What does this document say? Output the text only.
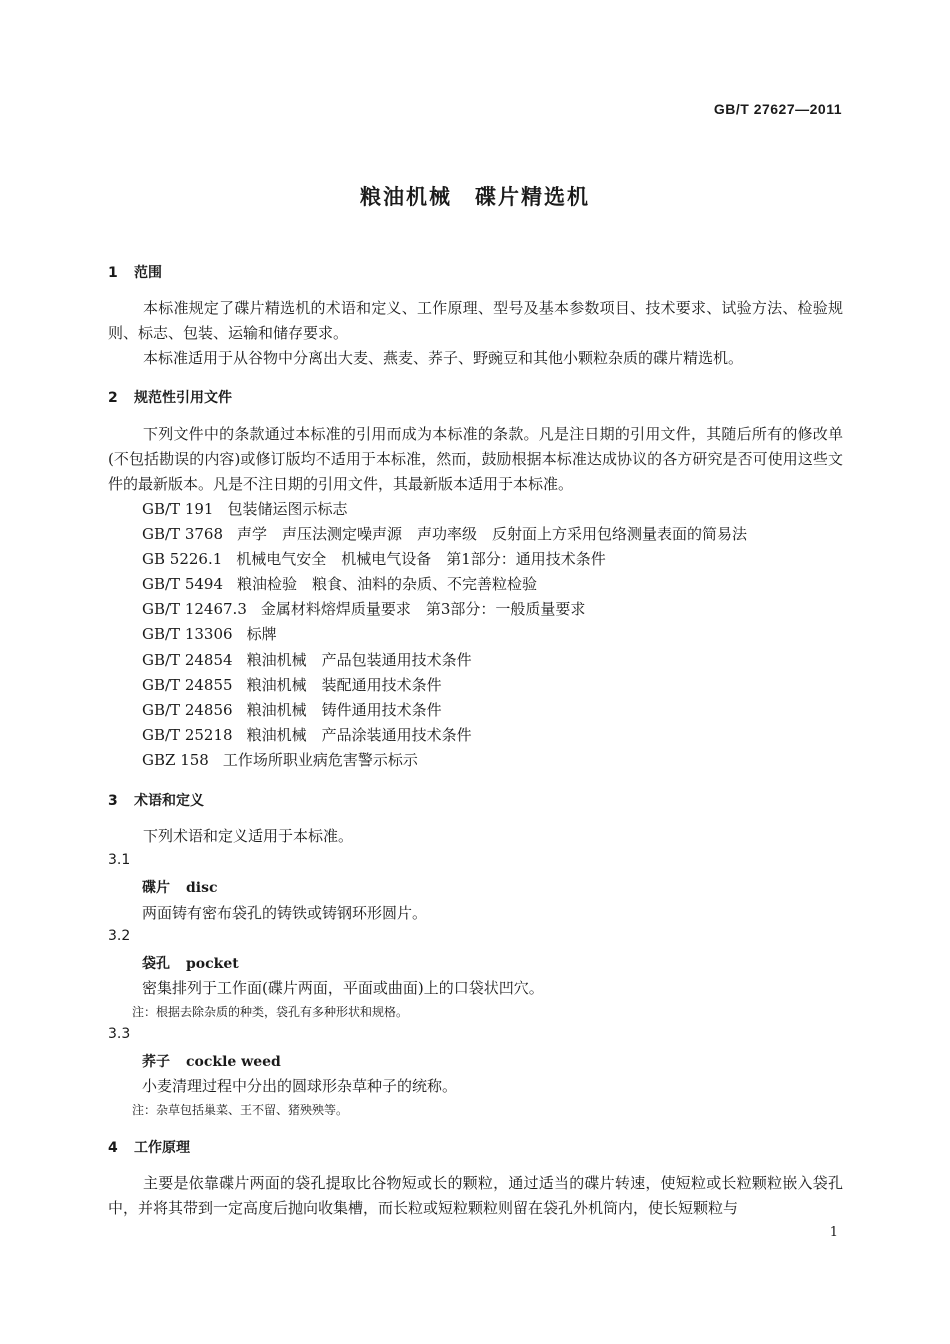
GB/T 27627—2011
粮油机械　碟片精选机
1 范围
本标准规定了碟片精选机的术语和定义、工作原理、型号及基本参数项目、技术要求、试验方法、检验规则、标志、包装、运输和储存要求。
本标准适用于从谷物中分离出大麦、燕麦、荞子、野豌豆和其他小颗粒杂质的碟片精选机。
2 规范性引用文件
下列文件中的条款通过本标准的引用而成为本标准的条款。凡是注日期的引用文件，其随后所有的修改单(不包括勘误的内容)或修订版均不适用于本标准，然而，鼓励根据本标准达成协议的各方研究是否可使用这些文件的最新版本。凡是不注日期的引用文件，其最新版本适用于本标准。
GB/T 191 包装储运图示标志
GB/T 3768 声学　声压法测定噪声源　声功率级　反射面上方采用包络测量表面的简易法
GB 5226.1 机械电气安全　机械电气设备　第1部分：通用技术条件
GB/T 5494 粮油检验　粮食、油料的杂质、不完善粒检验
GB/T 12467.3 金属材料熔焊质量要求　第3部分：一般质量要求
GB/T 13306 标牌
GB/T 24854 粮油机械　产品包装通用技术条件
GB/T 24855 粮油机械　装配通用技术条件
GB/T 24856 粮油机械　铸件通用技术条件
GB/T 25218 粮油机械　产品涂装通用技术条件
GBZ 158 工作场所职业病危害警示标示
3 术语和定义
下列术语和定义适用于本标准。
3.1
碟片 disc
两面铸有密布袋孔的铸铁或铸钢环形圆片。
3.2
袋孔 pocket
密集排列于工作面(碟片两面，平面或曲面)上的口袋状凹穴。
注：根据去除杂质的种类，袋孔有多种形状和规格。
3.3
荞子 cockle weed
小麦清理过程中分出的圆球形杂草种子的统称。
注：杂草包括巢菜、王不留、猪殃殃等。
4 工作原理
主要是依靠碟片两面的袋孔提取比谷物短或长的颗粒，通过适当的碟片转速，使短粒或长粒颗粒嵌入袋孔中，并将其带到一定高度后抛向收集槽，而长粒或短粒颗粒则留在袋孔外机筒内，使长短颗粒与
1
